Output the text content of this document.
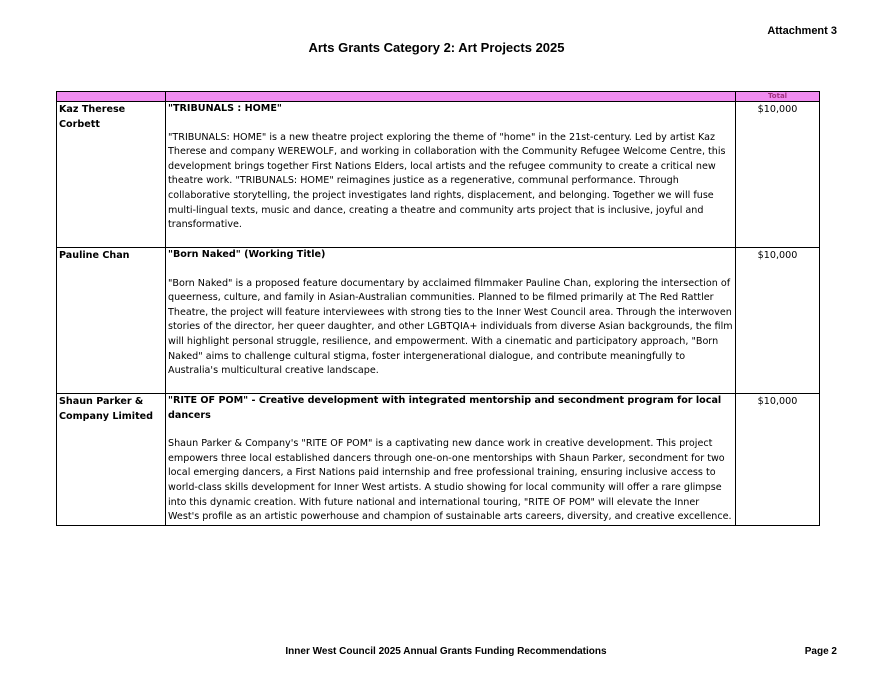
Attachment 3
Arts Grants Category 2: Art Projects 2025
		Total
Kaz Therese Corbett	"TRIBUNALS : HOME"

"TRIBUNALS: HOME" is a new theatre project exploring the theme of "home" in the 21st-century. Led by artist Kaz Therese and company WEREWOLF, and working in collaboration with the Community Refugee Welcome Centre, this development brings together First Nations Elders, local artists and the refugee community to create a critical new theatre work. "TRIBUNALS: HOME" reimagines justice as a regenerative, communal performance. Through collaborative storytelling, the project investigates land rights, displacement, and belonging. Together we will fuse multi-lingual texts, music and dance, creating a theatre and community arts project that is inclusive, joyful and transformative.	$10,000
Pauline Chan	"Born Naked" (Working Title)

"Born Naked" is a proposed feature documentary by acclaimed filmmaker Pauline Chan, exploring the intersection of queerness, culture, and family in Asian-Australian communities. Planned to be filmed primarily at The Red Rattler Theatre, the project will feature interviewees with strong ties to the Inner West Council area. Through the interwoven stories of the director, her queer daughter, and other LGBTQIA+ individuals from diverse Asian backgrounds, the film will highlight personal struggle, resilience, and empowerment. With a cinematic and participatory approach, "Born Naked" aims to challenge cultural stigma, foster intergenerational dialogue, and contribute meaningfully to Australia's multicultural creative landscape.	$10,000
Shaun Parker & Company Limited	"RITE OF POM" - Creative development with integrated mentorship and secondment program for local dancers

Shaun Parker & Company's "RITE OF POM" is a captivating new dance work in creative development. This project empowers three local established dancers through one-on-one mentorships with Shaun Parker, secondment for two local emerging dancers, a First Nations paid internship and free professional training, ensuring inclusive access to world-class skills development for Inner West artists. A studio showing for local community will offer a rare glimpse into this dynamic creation. With future national and international touring, "RITE OF POM" will elevate the Inner West's profile as an artistic powerhouse and champion of sustainable arts careers, diversity, and creative excellence.	$10,000
Inner West Council 2025 Annual Grants Funding Recommendations	Page 2
